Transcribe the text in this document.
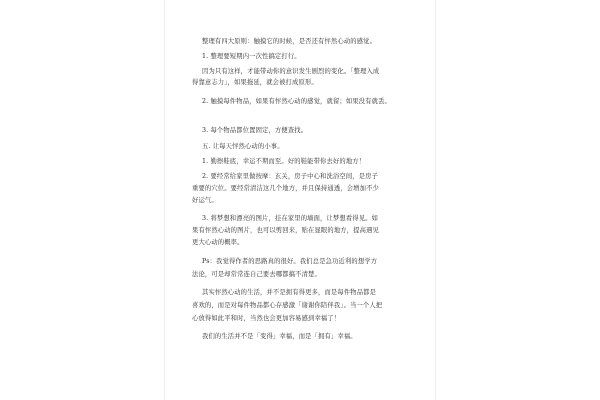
整理有四大原则：触摸它的时候，是否还有怦然心动的感觉。

1. 整理要短期内一次性搞定打行。

因为只有这样，才能带动你的意识发生剧烈的变化。「整理入成

得靠意志力」，如果拖延，就会被打成原形。

2. 触摸每件物品，如果有怦然心动的感觉，就留；如果没有就丢。

3. 每个物品都位置固定，方便查找。

五. 让每天怦然心动的小事。

1. 勤擦鞋底，幸运不期而至。好的鞋能带你去好的地方！

2. 要经常给家里做按摩：玄关，房子中心和洗浴空间，是房子

重要的穴位。要经常清洁这几个地方，并且保持通透，会增加不少

好运气。

3. 将梦想和漂亮的图片，挂在家里的墙面，让梦想看得见。如

果有怦然心动的图片，也可以剪回来，贴在显眼的地方，提高遇见

更大心动的概率。

Ps：我觉得作者的思路真的很好。我们总是急功近利的想学方

法论，可是却常常连自己要去哪都搞不清楚。

其实怦然心动的生活，并不是拥有得更多，而是每件物品都是

喜欢的，而是对每件物品都心存感激「谢谢你陪伴我」。当一个人把

心放得如此平和时，当然也会更加容易感到幸福了！

我们的生活并不是「变得」幸福，而是「拥有」幸福。
